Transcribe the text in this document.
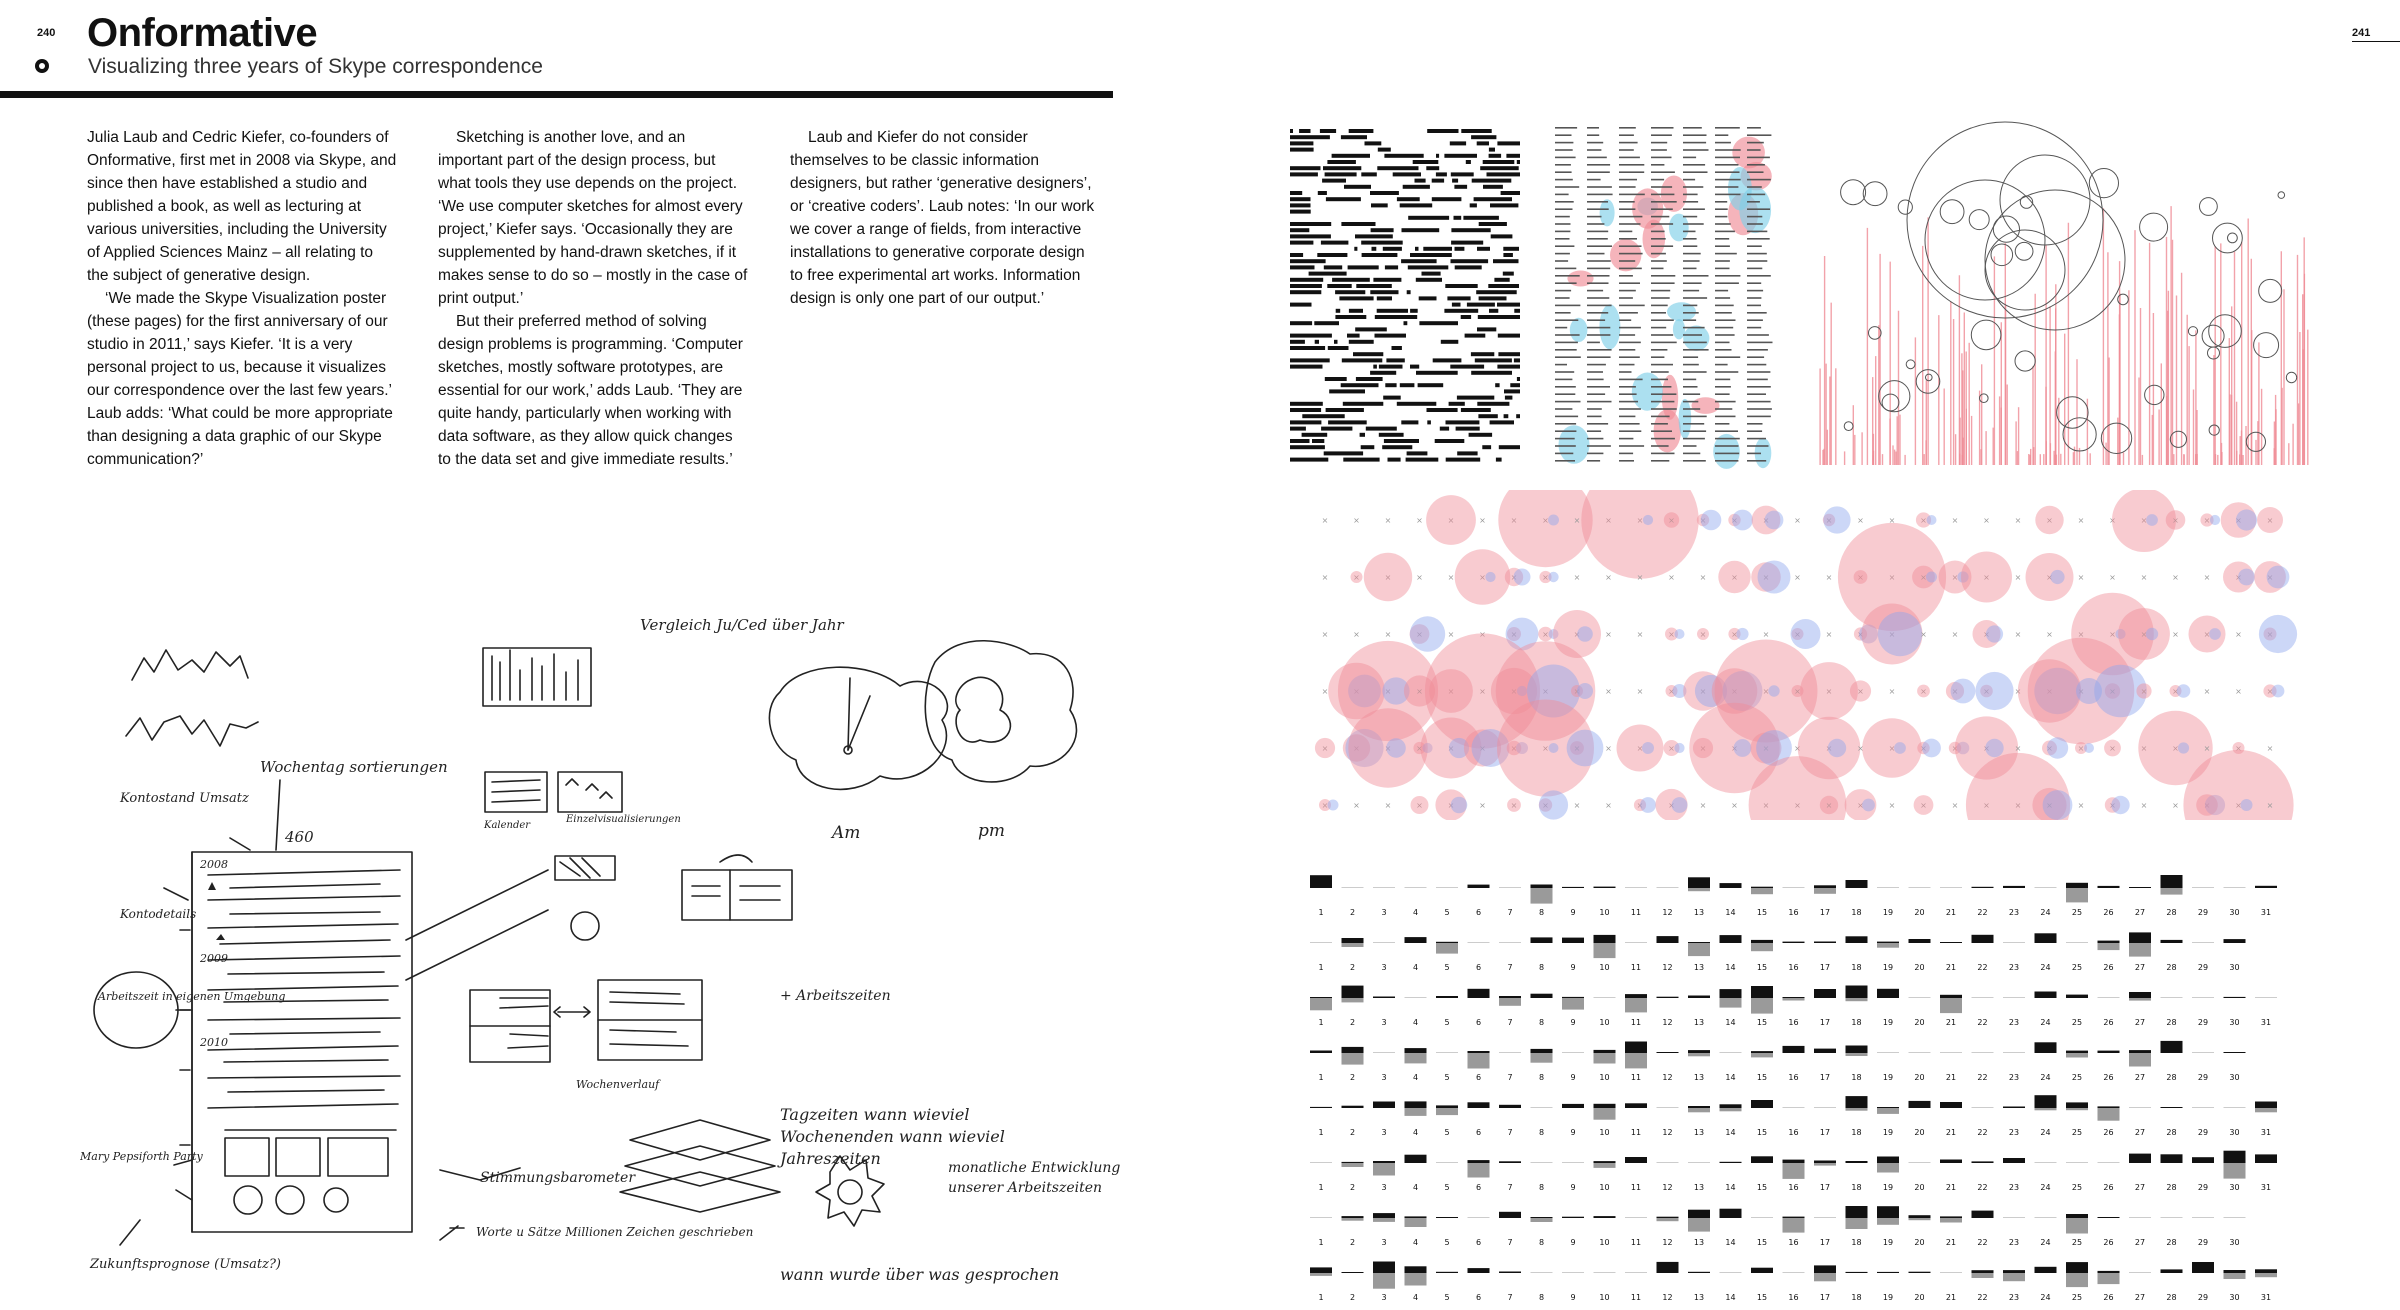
240 Onformative
Visualizing three years of Skype correspondence
241

Julia Laub and Cedric Kiefer, co-founders of Onformative, first met in 2008 via Skype, and since then have established a studio and published a book, as well as lecturing at various universities, including the University of Applied Sciences Mainz – all relating to the subject of generative design.

‘We made the Skype Visualization poster (these pages) for the first anniversary of our studio in 2011,’ says Kiefer. ‘It is a very personal project to us, because it visualizes our correspondence over the last few years.’ Laub adds: ‘What could be more appropriate than designing a data graphic of our Skype communication?’

Sketching is another love, and an important part of the design process, but what tools they use depends on the project. ‘We use computer sketches for almost every project,’ Kiefer says. ‘Occasionally they are supplemented by hand-drawn sketches, if it makes sense to do so – mostly in the case of print output.’

But their preferred method of solving design problems is programming. ‘Computer sketches, mostly software prototypes, are essential for our work,’ adds Laub. ‘They are quite handy, particularly when working with data software, as they allow quick changes to the data set and give immediate results.’

Laub and Kiefer do not consider themselves to be classic information designers, but rather ‘generative designers’, or ‘creative coders’. Laub notes: ‘In our work we cover a range of fields, from interactive installations to generative corporate design to free experimental art works. Information design is only one part of our output.’

Vergleich Ju/Ced über Jahr
Wochentag sortierungen
Kontostand Umsatz
460
Kontodetails
Arbeitszeit in eigenen Umgebung
Kalender
Einzelvisualisierungen
Am	pm
+ Arbeitszeiten
Wochenverlauf
Stimmungsbarometer
Worte u Sätze Millionen Zeichen geschrieben
wann wurde über was gesprochen
Zukunftsprognose (Umsatz?)
Mary Pepsiforth Party
2010
2009
2008
Tagzeiten wann wieviel Wochenenden wann wieviel Jahreszeiten	monatliche Entwicklung unserer Arbeitszeiten
×	×	×	×	×	×	×	×	×	×	×	×	×	×	×	×	×	×	×	×	×	×	×	×	×	×	×	×	×	×	×
×	×	×	×	×	×	×	×	×	×	×	×	×	×	×	×	×	×	×	×	×	×	×	×	×	×	×	×	×	×	×
×	×	×	×	×	×	×	×	×	×	×	×	×	×	×	×	×	×	×	×	×	×	×	×	×	×	×	×	×	×	×
×	×	×	×	×	×	×	×	×	×	×	×	×	×	×	×	×	×	×	×	×	×	×	×	×	×	×	×	×	×	×
×	×	×	×	×	×	×	×	×	×	×	×	×	×	×	×	×	×	×	×	×	×	×	×	×	×	×	×	×	×	×
×	×	×	×	×	×	×	×	×	×	×	×	×	×	×	×	×	×	×	×	×	×	×	×	×	×	×	×	×	×	×
1	2	3	4	5	6	7	8	9	10	11	12	13	14	15	16	17	18	19	20	21	22	23	24	25	26	27	28	29	30	31
1	2	3	4	5	6	7	8	9	10	11	12	13	14	15	16	17	18	19	20	21	22	23	24	25	26	27	28	29	30
1	2	3	4	5	6	7	8	9	10	11	12	13	14	15	16	17	18	19	20	21	22	23	24	25	26	27	28	29	30	31
1	2	3	4	5	6	7	8	9	10	11	12	13	14	15	16	17	18	19	20	21	22	23	24	25	26	27	28	29	30
1	2	3	4	5	6	7	8	9	10	11	12	13	14	15	16	17	18	19	20	21	22	23	24	25	26	27	28	29	30	31
1	2	3	4	5	6	7	8	9	10	11	12	13	14	15	16	17	18	19	20	21	22	23	24	25	26	27	28	29	30	31
1	2	3	4	5	6	7	8	9	10	11	12	13	14	15	16	17	18	19	20	21	22	23	24	25	26	27	28	29	30
1	2	3	4	5	6	7	8	9	10	11	12	13	14	15	16	17	18	19	20	21	22	23	24	25	26	27	28	29	30	31
